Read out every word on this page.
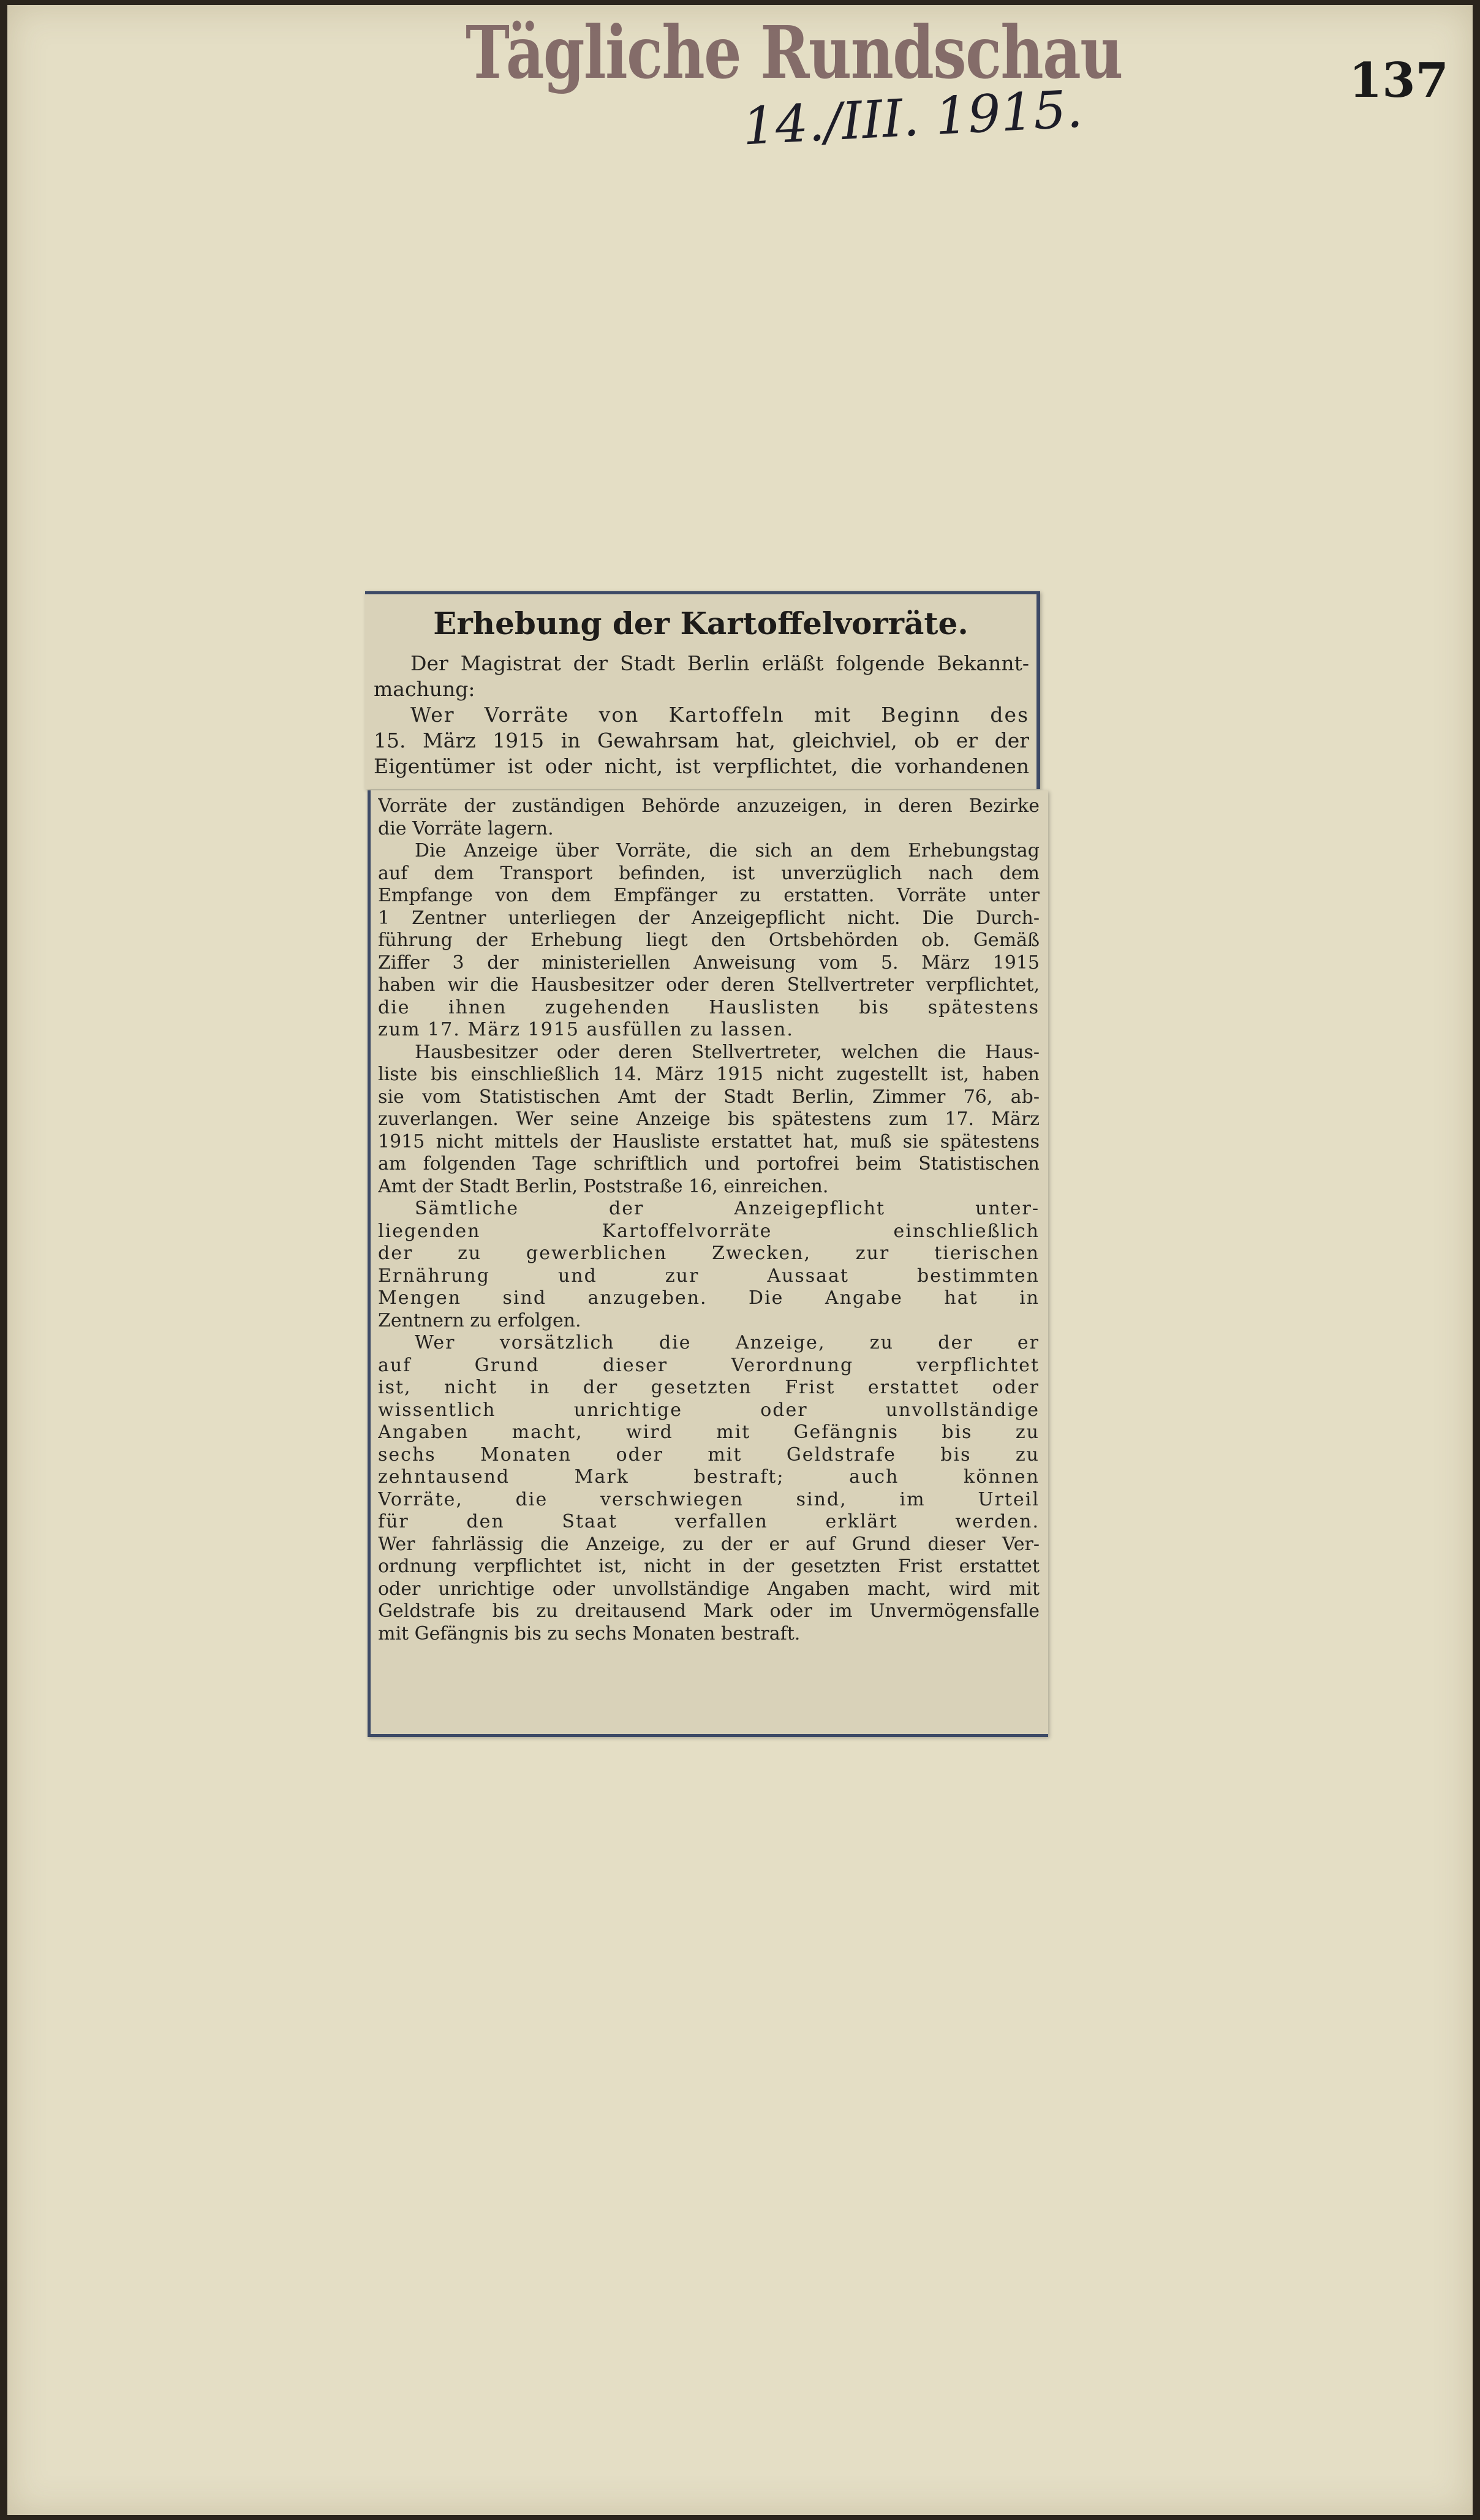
Tägliche Rundschau
14./III. 1915.	137
Erhebung der Kartoffelvorräte.
Der Magistrat der Stadt Berlin erläßt folgende Bekannt-
machung:
Wer Vorräte von Kartoffeln mit Beginn des
15. März 1915 in Gewahrsam hat, gleichviel, ob er der
Eigentümer ist oder nicht, ist verpflichtet, die vorhandenen
Vorräte der zuständigen Behörde anzuzeigen, in deren Bezirke
die Vorräte lagern.
Die Anzeige über Vorräte, die sich an dem Erhebungstag
auf dem Transport befinden, ist unverzüglich nach dem
Empfange von dem Empfänger zu erstatten. Vorräte unter
1 Zentner unterliegen der Anzeigepflicht nicht. Die Durch-
führung der Erhebung liegt den Ortsbehörden ob. Gemäß
Ziffer 3 der ministeriellen Anweisung vom 5. März 1915
haben wir die Hausbesitzer oder deren Stellvertreter verpflichtet,
die ihnen zugehenden Hauslisten bis spätestens
zum 17. März 1915 ausfüllen zu lassen.
Hausbesitzer oder deren Stellvertreter, welchen die Haus-
liste bis einschließlich 14. März 1915 nicht zugestellt ist, haben
sie vom Statistischen Amt der Stadt Berlin, Zimmer 76, ab-
zuverlangen. Wer seine Anzeige bis spätestens zum 17. März
1915 nicht mittels der Hausliste erstattet hat, muß sie spätestens
am folgenden Tage schriftlich und portofrei beim Statistischen
Amt der Stadt Berlin, Poststraße 16, einreichen.
Sämtliche der Anzeigepflicht unter-
liegenden Kartoffelvorräte einschließlich
der zu gewerblichen Zwecken, zur tierischen
Ernährung und zur Aussaat bestimmten
Mengen sind anzugeben. Die Angabe hat in
Zentnern zu erfolgen.
Wer vorsätzlich die Anzeige, zu der er
auf Grund dieser Verordnung verpflichtet
ist, nicht in der gesetzten Frist erstattet oder
wissentlich unrichtige oder unvollständige
Angaben macht, wird mit Gefängnis bis zu
sechs Monaten oder mit Geldstrafe bis zu
zehntausend Mark bestraft; auch können
Vorräte, die verschwiegen sind, im Urteil
für den Staat verfallen erklärt werden.
Wer fahrlässig die Anzeige, zu der er auf Grund dieser Ver-
ordnung verpflichtet ist, nicht in der gesetzten Frist erstattet
oder unrichtige oder unvollständige Angaben macht, wird mit
Geldstrafe bis zu dreitausend Mark oder im Unvermögensfalle
mit Gefängnis bis zu sechs Monaten bestraft.
